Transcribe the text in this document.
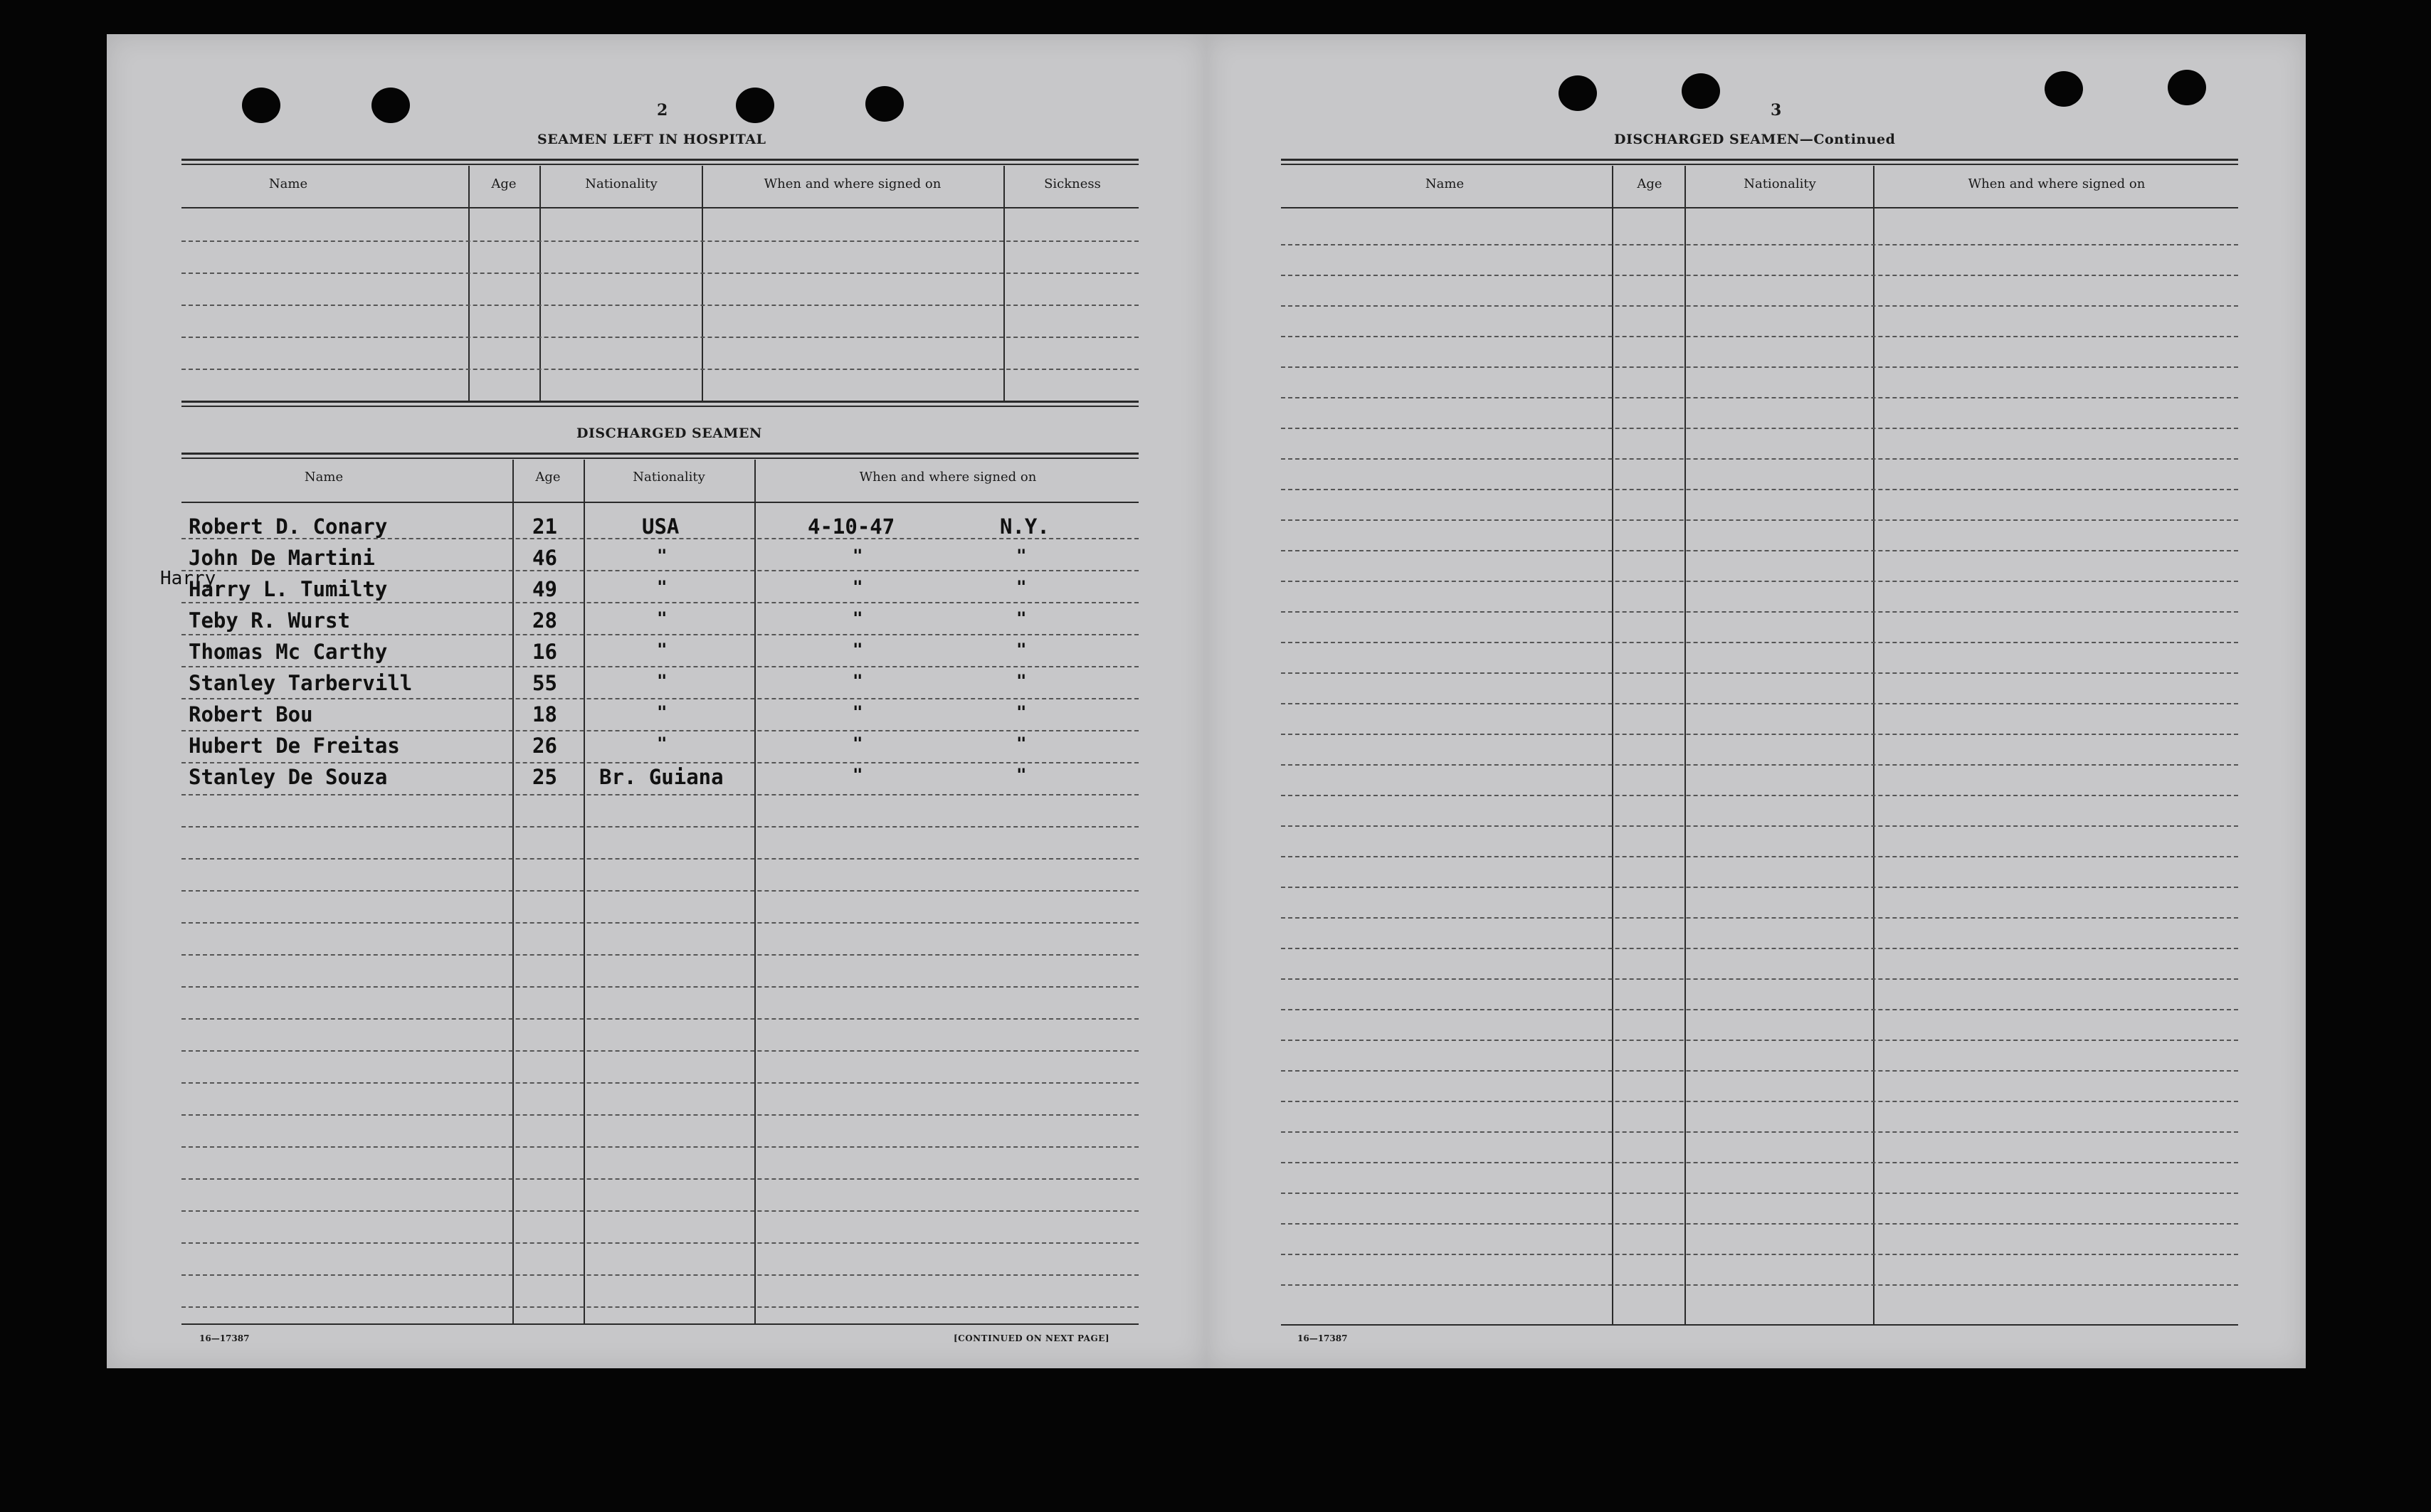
2
SEAMEN LEFT IN HOSPITAL
Name	Age	Nationality	When and where signed on	Sickness
DISCHARGED SEAMEN
Name	Age	Nationality	When and where signed on
Harry
Robert D. Conary	21	USA	4-10-47	N.Y.
John De Martini	46	"	"	"
Harry L. Tumilty	49	"	"	"
Teby R. Wurst	28	"	"	"
Thomas Mc Carthy	16	"	"	"
Stanley Tarbervill	55	"	"	"
Robert Bou	18	"	"	"
Hubert De Freitas	26	"	"	"
Stanley De Souza	25 Br. Guiana	"	"
16—17387	[CONTINUED ON NEXT PAGE]
3
DISCHARGED SEAMEN—Continued
Name	Age	Nationality	When and where signed on
16—17387
